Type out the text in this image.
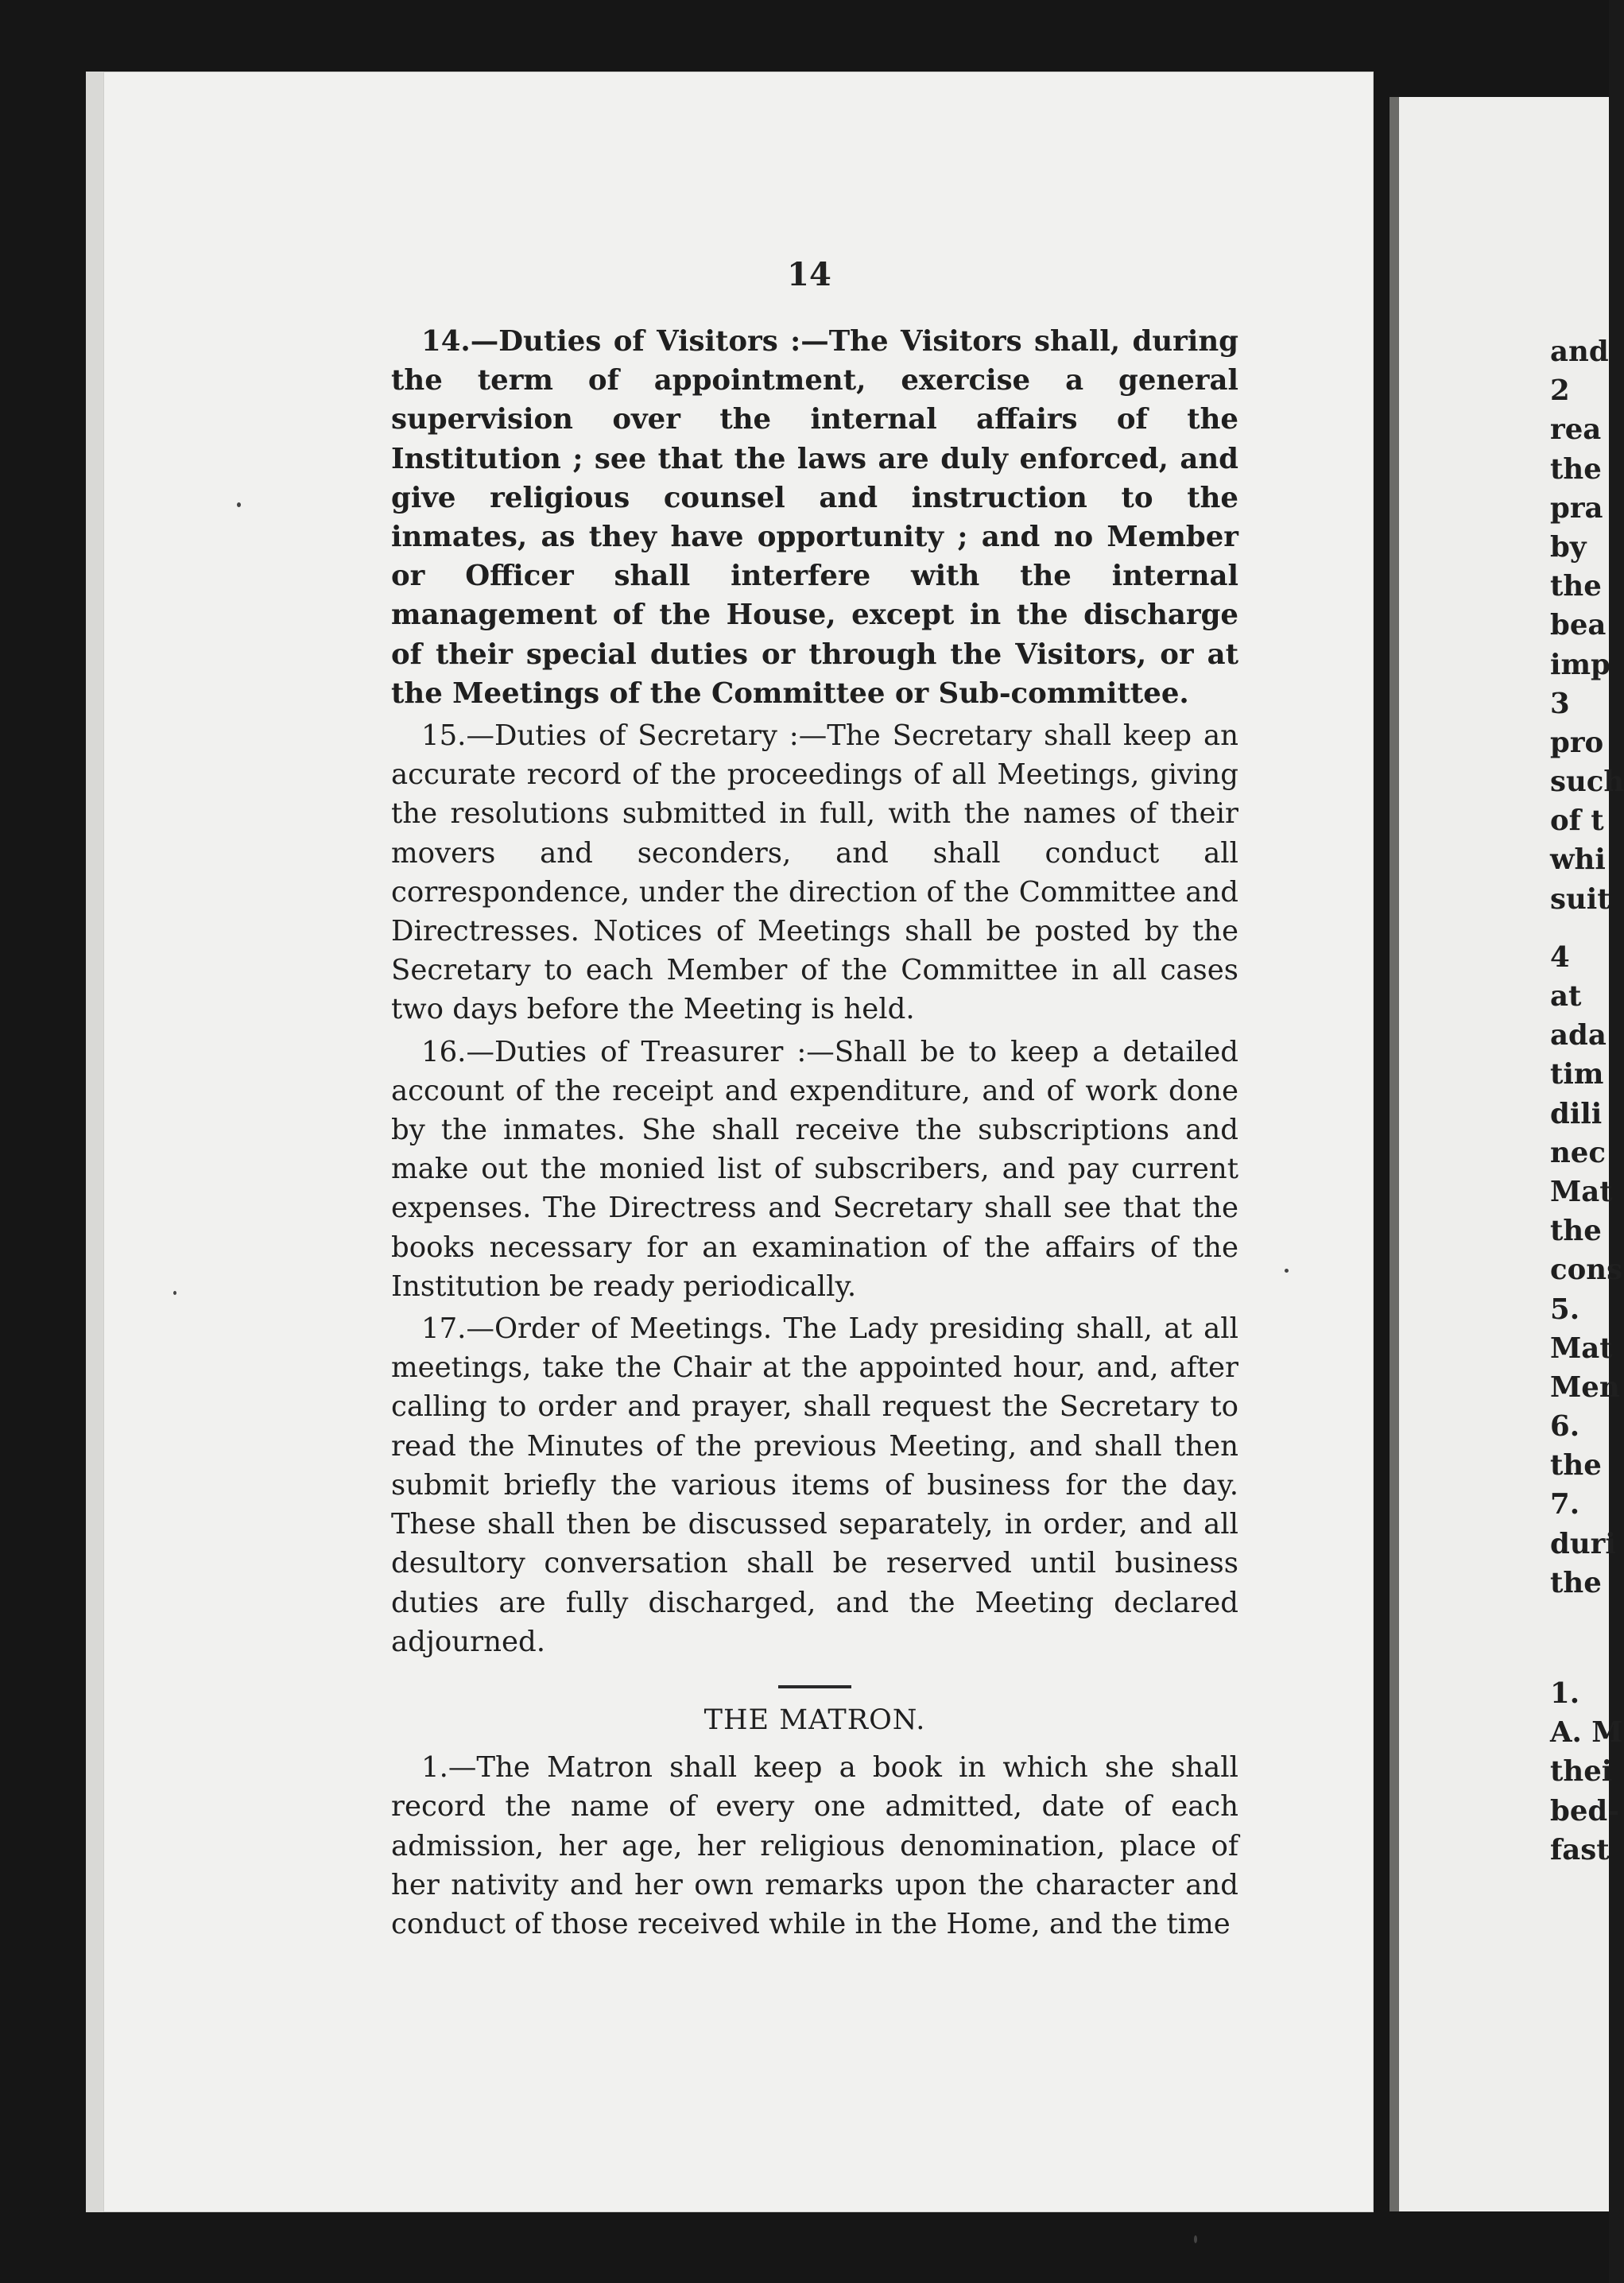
14

14.—Duties of Visitors :—The Visitors shall, during the term of appointment, exercise a general supervision over the internal affairs of the Institution ; see that the laws are duly enforced, and give religious counsel and instruction to the inmates, as they have opportunity ; and no Member or Officer shall interfere with the internal management of the House, except in the discharge of their special duties or through the Visitors, or at the Meetings of the Committee or Sub-committee.

15.—Duties of Secretary :—The Secretary shall keep an accurate record of the proceedings of all Meetings, giving the resolutions submitted in full, with the names of their movers and seconders, and shall conduct all correspondence, under the direction of the Committee and Directresses. Notices of Meetings shall be posted by the Secretary to each Member of the Committee in all cases two days before the Meeting is held.

16.—Duties of Treasurer :—Shall be to keep a detailed account of the receipt and expenditure, and of work done by the inmates. She shall receive the subscriptions and make out the monied list of subscribers, and pay current expenses. The Directress and Secretary shall see that the books necessary for an examination of the affairs of the Institution be ready periodically.

17.—Order of Meetings. The Lady presiding shall, at all meetings, take the Chair at the appointed hour, and, after calling to order and prayer, shall request the Secretary to read the Minutes of the previous Meeting, and shall then submit briefly the various items of business for the day. These shall then be discussed separately, in order, and all desultory conversation shall be reserved until business duties are fully discharged, and the Meeting declared adjourned.

THE MATRON.

1.—The Matron shall keep a book in which she shall record the name of every one admitted, date of each admission, her age, her religious denomination, place of her nativity and her own remarks upon the character and conduct of those received while in the Home, and the time

and
2
rea
the
pra
by
the
bea
imp
3
pro
such
of t
whi
suit
4
at
ada
tim
dili
nec
Mat
the
cons
5.
Mat
Men
6.
the
7.
duri
the
1.
A. M
thei
bed-
fast
